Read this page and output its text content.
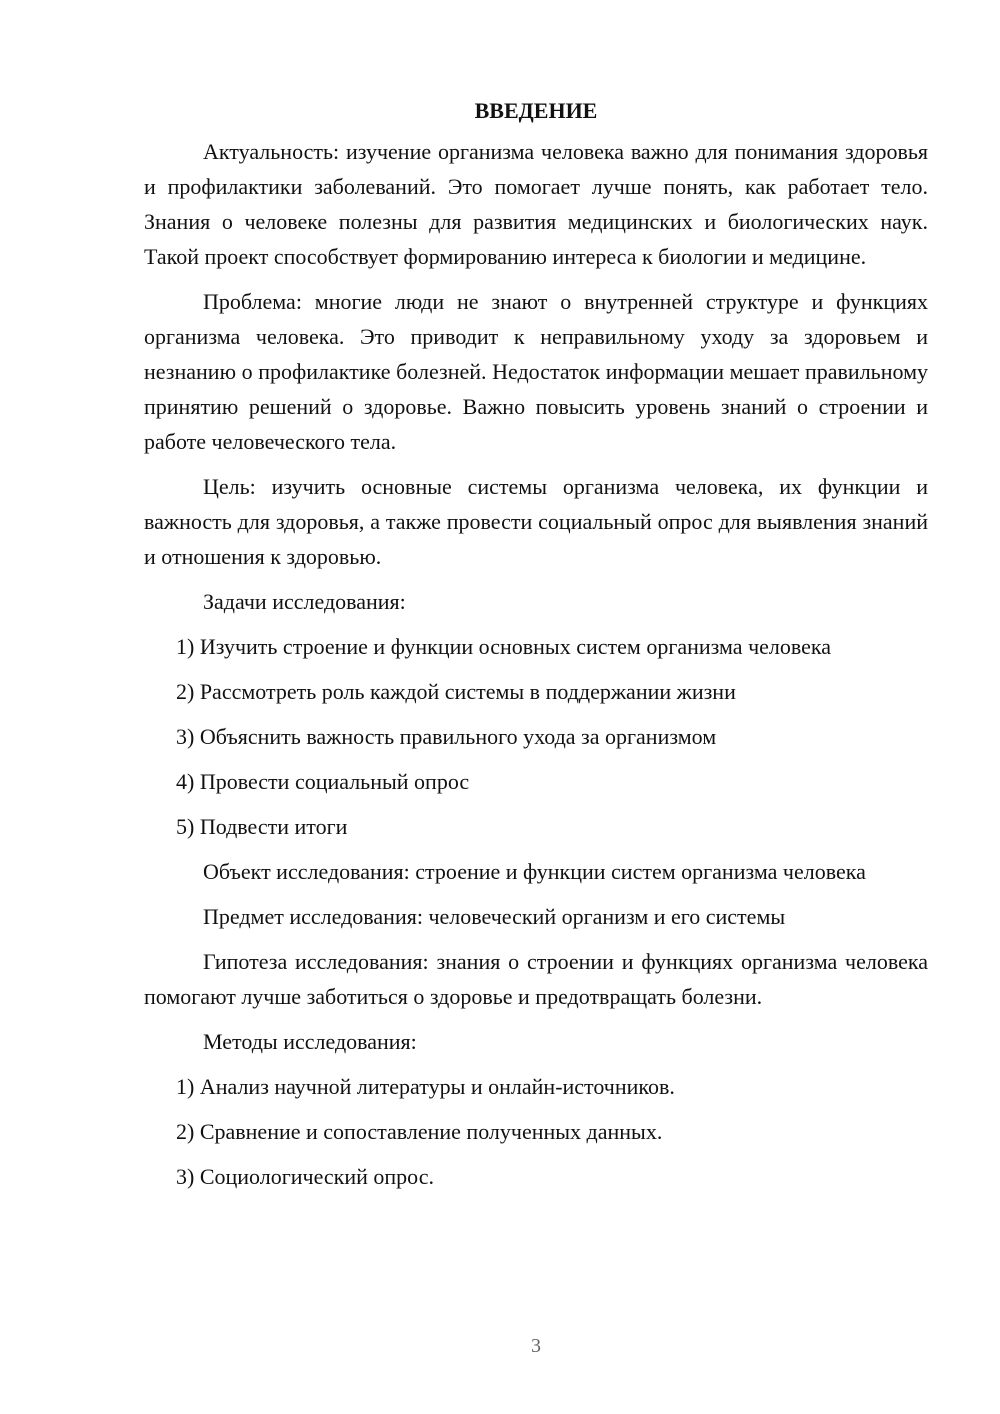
ВВЕДЕНИЕ

Актуальность: изучение организма человека важно для понимания здоровья и профилактики заболеваний. Это помогает лучше понять, как работает тело. Знания о человеке полезны для развития медицинских и биологических наук. Такой проект способствует формированию интереса к биологии и медицине.

Проблема: многие люди не знают о внутренней структуре и функциях организма человека. Это приводит к неправильному уходу за здоровьем и незнанию о профилактике болезней. Недостаток информации мешает правильному принятию решений о здоровье. Важно повысить уровень знаний о строении и работе человеческого тела.

Цель: изучить основные системы организма человека, их функции и важность для здоровья, а также провести социальный опрос для выявления знаний и отношения к здоровью.

Задачи исследования:

1) Изучить строение и функции основных систем организма человека
2) Рассмотреть роль каждой системы в поддержании жизни
3) Объяснить важность правильного ухода за организмом
4) Провести социальный опрос
5) Подвести итоги

Объект исследования: строение и функции систем организма человека

Предмет исследования: человеческий организм и его системы

Гипотеза исследования: знания о строении и функциях организма человека помогают лучше заботиться о здоровье и предотвращать болезни.

Методы исследования:

1) Анализ научной литературы и онлайн-источников.
2) Сравнение и сопоставление полученных данных.
3) Социологический опрос.
3
